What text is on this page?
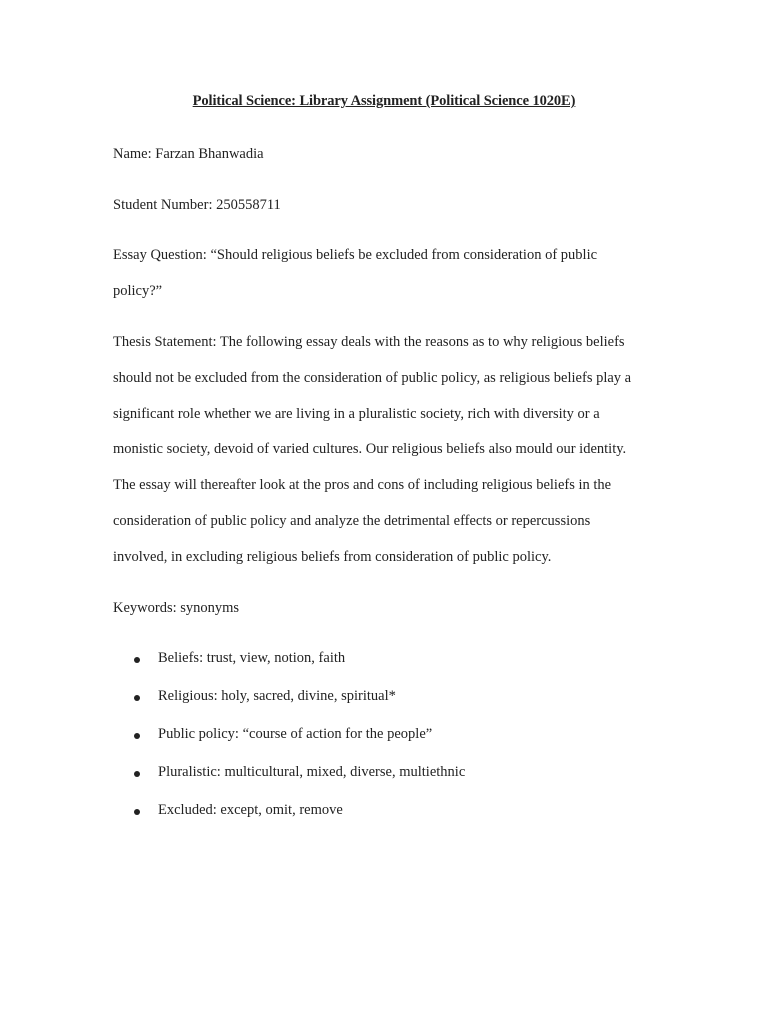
Political Science: Library Assignment (Political Science 1020E)
Name: Farzan Bhanwadia
Student Number: 250558711
Essay Question: “Should religious beliefs be excluded from consideration of public
policy?”
Thesis Statement: The following essay deals with the reasons as to why religious beliefs
should not be excluded from the consideration of public policy, as religious beliefs play a
significant role whether we are living in a pluralistic society, rich with diversity or a
monistic society, devoid of varied cultures. Our religious beliefs also mould our identity.
The essay will thereafter look at the pros and cons of including religious beliefs in the
consideration of public policy and analyze the detrimental effects or repercussions
involved, in excluding religious beliefs from consideration of public policy.
Keywords: synonyms
Beliefs: trust, view, notion, faith
Religious: holy, sacred, divine, spiritual*
Public policy: “course of action for the people”
Pluralistic: multicultural, mixed, diverse, multiethnic
Excluded: except, omit, remove
